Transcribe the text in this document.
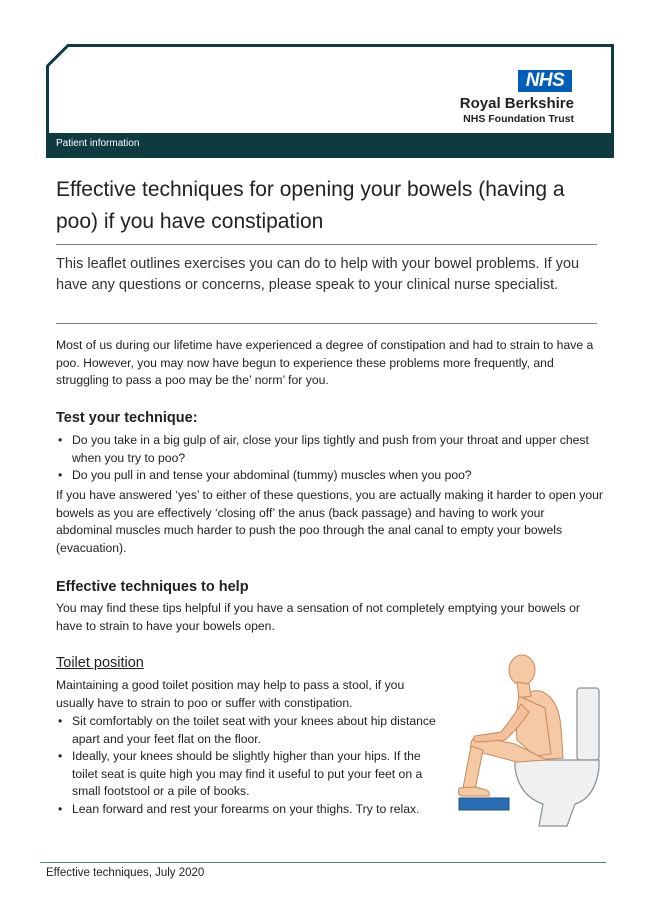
NHS
Royal Berkshire
NHS Foundation Trust
Patient information
Effective techniques for opening your bowels (having a poo) if you have constipation
This leaflet outlines exercises you can do to help with your bowel problems. If you have any questions or concerns, please speak to your clinical nurse specialist.
Most of us during our lifetime have experienced a degree of constipation and had to strain to have a poo. However, you may now have begun to experience these problems more frequently, and struggling to pass a poo may be the’ norm’ for you.
Test your technique:
• Do you take in a big gulp of air, close your lips tightly and push from your throat and upper chest when you try to poo?
• Do you pull in and tense your abdominal (tummy) muscles when you poo?
If you have answered ‘yes’ to either of these questions, you are actually making it harder to open your bowels as you are effectively ‘closing off’ the anus (back passage) and having to work your abdominal muscles much harder to push the poo through the anal canal to empty your bowels (evacuation).
Effective techniques to help
You may find these tips helpful if you have a sensation of not completely emptying your bowels or have to strain to have your bowels open.
Toilet position
Maintaining a good toilet position may help to pass a stool, if you usually have to strain to poo or suffer with constipation.
• Sit comfortably on the toilet seat with your knees about hip distance apart and your feet flat on the floor.
• Ideally, your knees should be slightly higher than your hips. If the toilet seat is quite high you may find it useful to put your feet on a small footstool or a pile of books.
• Lean forward and rest your forearms on your thighs. Try to relax.
Effective techniques, July 2020
